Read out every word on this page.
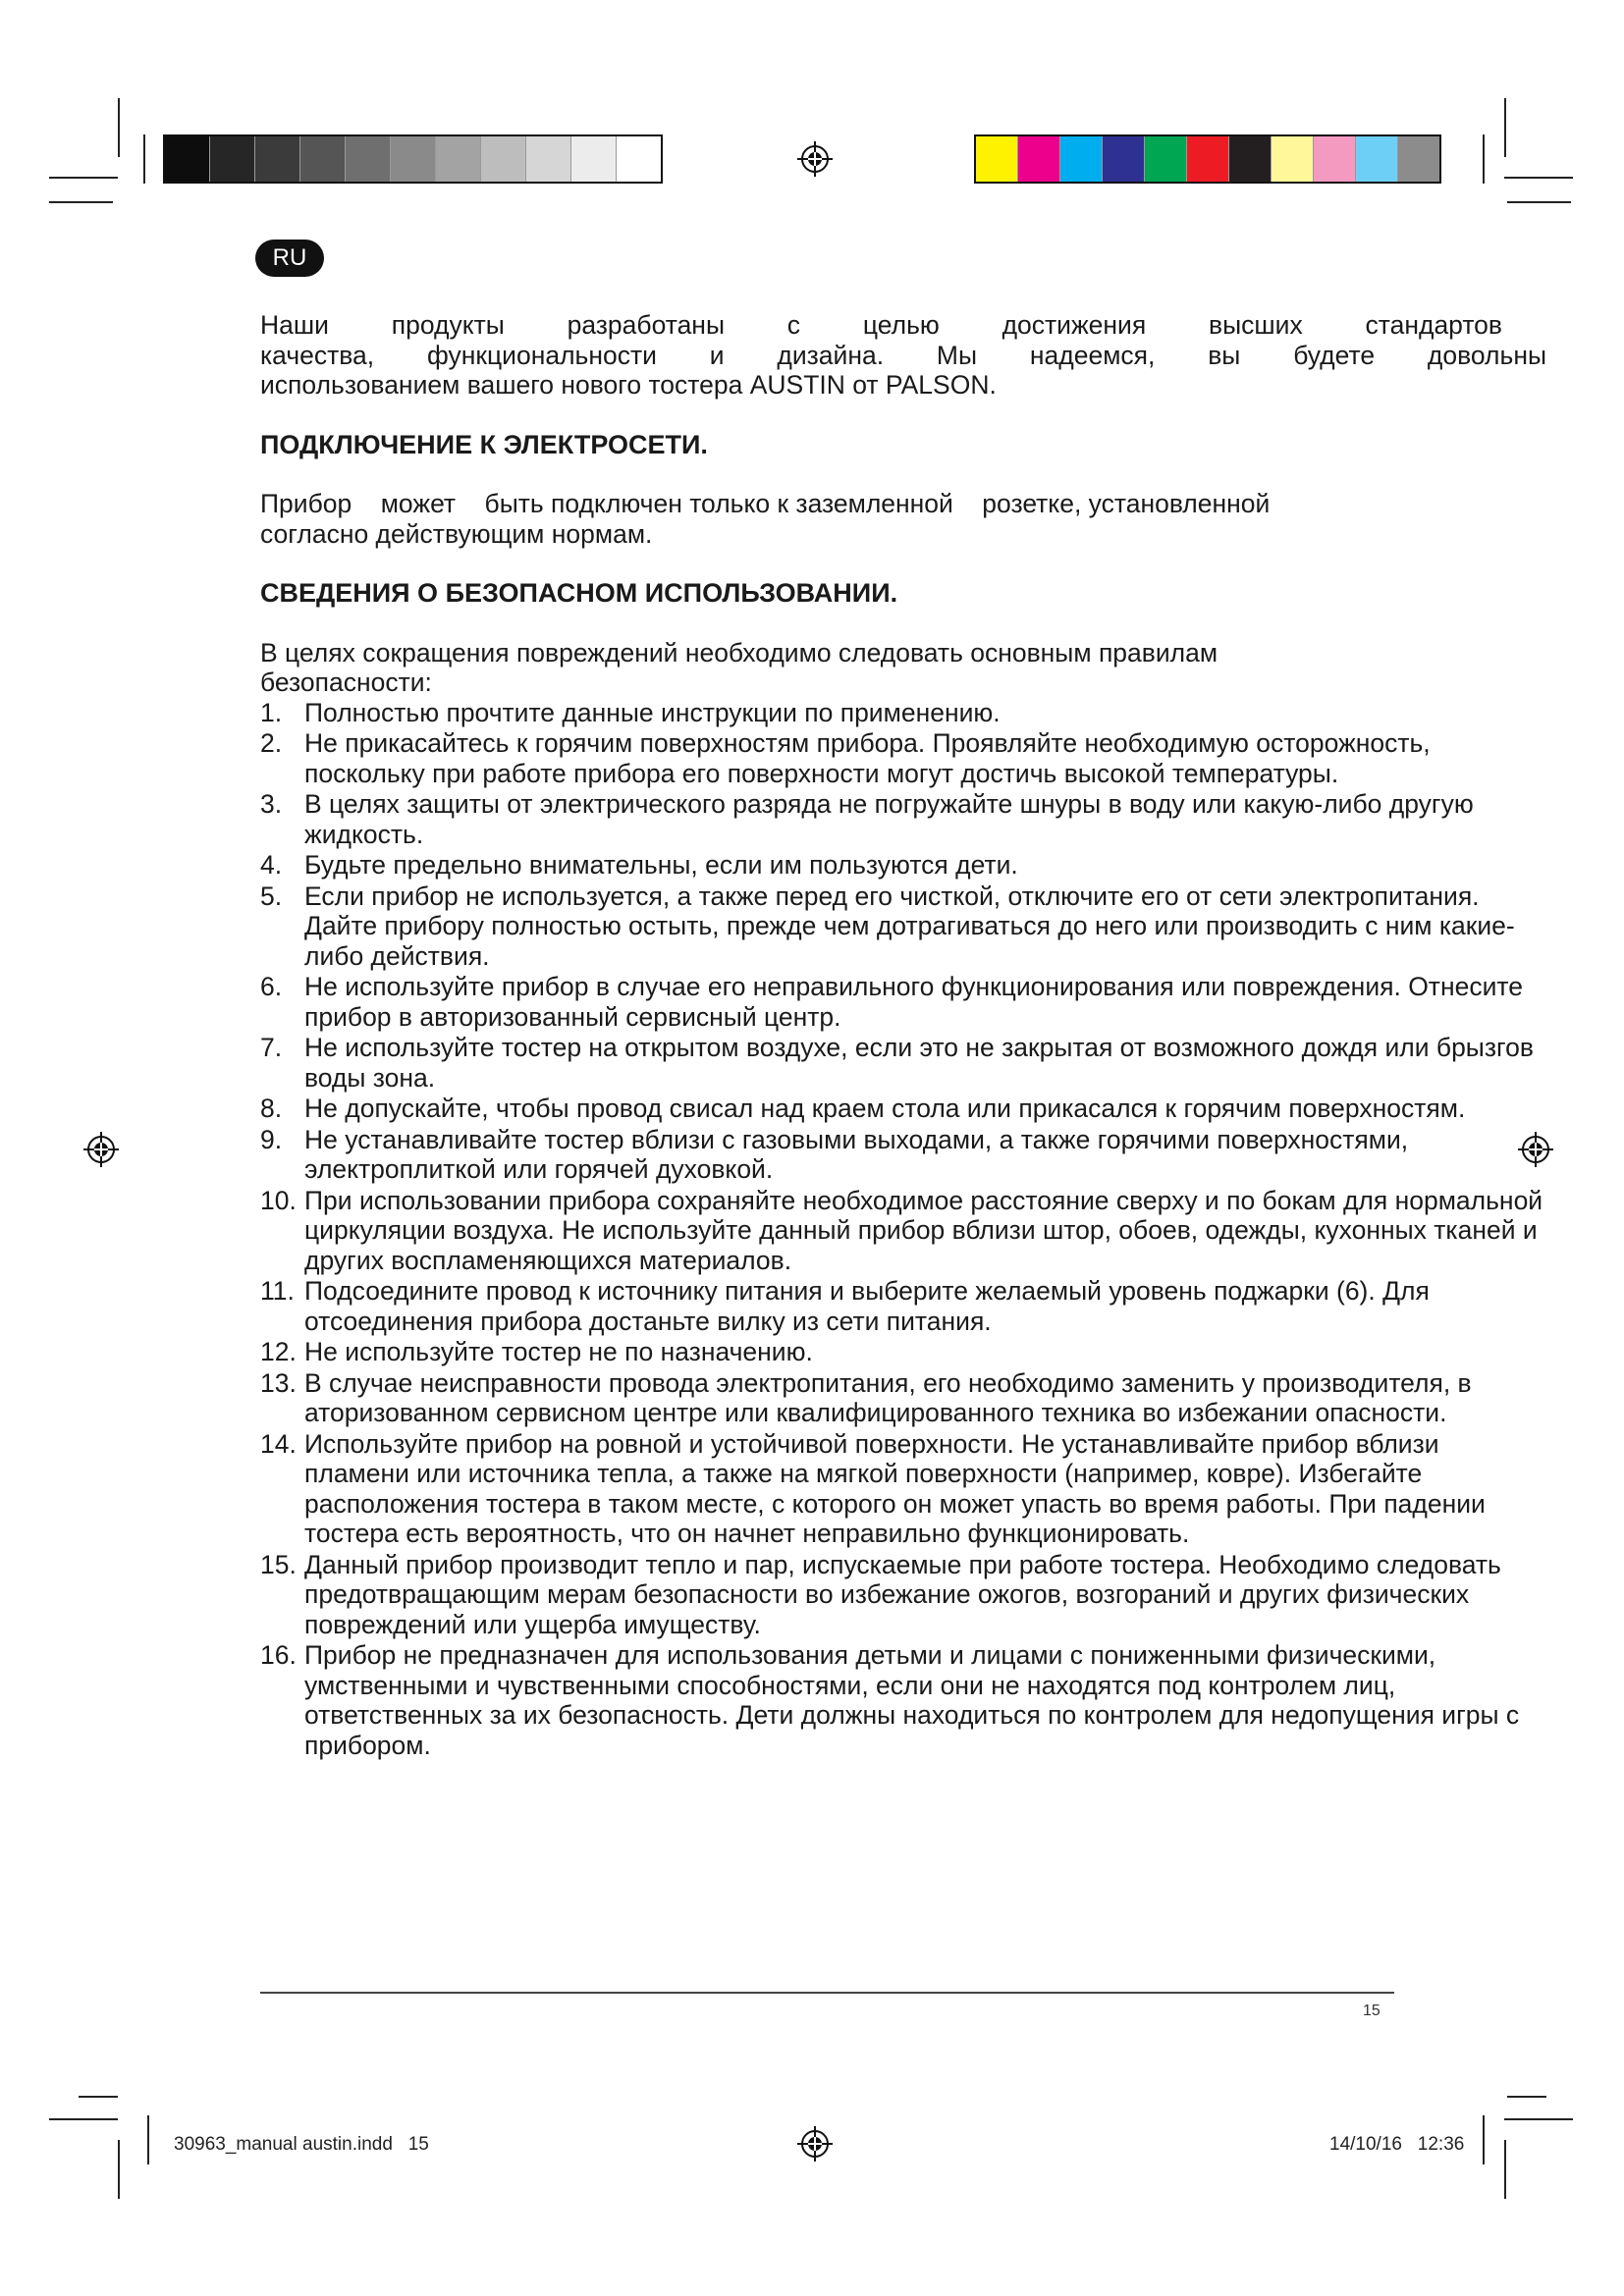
RU

Наши продукты разработаны с целью достижения высших стандартов

качества, функциональности и дизайна. Мы надеемся, вы будете довольны

использованием вашего нового тостера AUSTIN от PALSON.

ПОДКЛЮЧЕНИЕ К ЭЛЕКТРОСЕТИ.

Прибор    может    быть подключен только к заземленной    розетке, установленной

согласно действующим нормам.

СВЕДЕНИЯ О БЕЗОПАСНОМ ИСПОЛЬЗОВАНИИ.

В целях сокращения повреждений необходимо следовать основным правилам безопасности:

1. Полностью прочтите данные инструкции по применению.
2. Не прикасайтесь к горячим поверхностям прибора. Проявляйте необходимую осторожность, поскольку при работе прибора его поверхности могут достичь высокой температуры.
3. В целях защиты от электрического разряда не погружайте шнуры в воду или какую-либо другую жидкость.
4. Будьте предельно внимательны, если им пользуются дети.
5. Если прибор не используется, а также перед его чисткой, отключите его от сети электропитания. Дайте прибору полностью остыть, прежде чем дотрагиваться до него или производить с ним какие-либо действия.
6. Не используйте прибор в случае его неправильного функционирования или повреждения. Отнесите прибор в авторизованный сервисный центр.
7. Не используйте тостер на открытом воздухе, если это не закрытая от возможного дождя или брызгов воды зона.
8. Не допускайте, чтобы провод свисал над краем стола или прикасался к горячим поверхностям.
9. Не устанавливайте тостер вблизи с газовыми выходами, а также горячими поверхностями, электроплиткой или горячей духовкой.
10. При использовании прибора сохраняйте необходимое расстояние сверху и по бокам для нормальной циркуляции воздуха. Не используйте данный прибор вблизи штор, обоев, одежды, кухонных тканей и других воспламеняющихся материалов.
11. Подсоедините провод к источнику питания и выберите желаемый уровень поджарки (6). Для отсоединения прибора достаньте вилку из сети питания.
12. Не используйте тостер не по назначению.
13. В случае неисправности провода электропитания, его необходимо заменить у производителя, в аторизованном сервисном центре или квалифицированного техника во избежании опасности.
14. Используйте прибор на ровной и устойчивой поверхности. Не устанавливайте прибор вблизи пламени или источника тепла, а также на мягкой поверхности (например, ковре). Избегайте расположения тостера в таком месте, с которого он может упасть во время работы. При падении тостера есть вероятность, что он начнет неправильно функционировать.
15. Данный прибор производит тепло и пар, испускаемые при работе тостера. Необходимо следовать предотвращающим мерам безопасности во избежание ожогов, возгораний и других физических повреждений или ущерба имуществу.
16. Прибор не предназначен для использования детьми и лицами с пониженными физическими, умственными и чувственными способностями, если они не находятся под контролем лиц, ответственных за их безопасность. Дети должны находиться по контролем для недопущения игры с прибором.
15
30963_manual austin.indd   15	14/10/16   12:36
